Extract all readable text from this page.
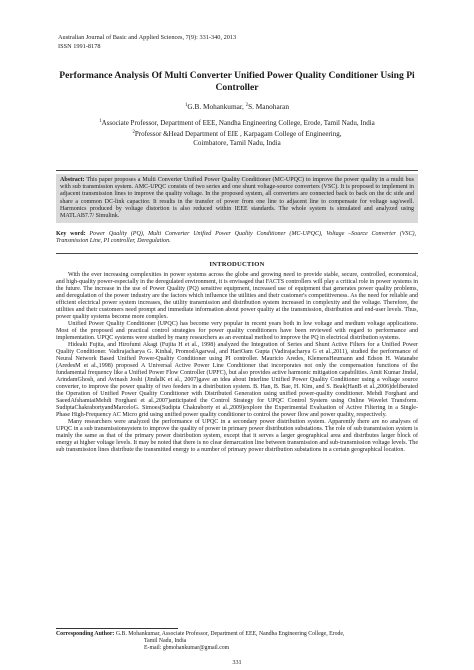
Australian Journal of Basic and Applied Sciences, 7(9): 331-340, 2013
ISSN 1991-8178
Performance Analysis Of Multi Converter Unified Power Quality Conditioner Using Pi Controller
$^1$G.B. Mohankumar, $^2$S. Manoharan
$^1$Associate Professor, Department of EEE, Nandha Engineering College, Erode, Tamil Nadu, India
$^2$Professor &Head Department of EIE , Karpagam College of Engineering,
Coimbatore, Tamil Nadu, India
Abstract: This paper proposes a Multi Converter Unified Power Quality Conditioner (MC-UPQC) to improve the power quality in a multi bus with sub transmission system. AMC-UPQC consists of two series and one shunt voltage-source converters (VSC). It is proposed to implement in adjacent transmission lines to improve the quality voltage. In the proposed system, all converters are connected back to back on the dc side and share a common DC-link capacitor. It results in the transfer of power from one line to adjacent line to compensate for voltage sag/swell. Harmonics produced by voltage distortion is also reduced within IEEE standards. The whole system is simulated and analyzed using MATLAB7.7/ Simulink.
Key word: Power Quality (PQ), Multi Converter Unified Power Quality Conditioner (MC-UPQC), Voltage –Source Converter (VSC), Transmission Line, PI controller, Deregulation.
INTRODUCTION

With the ever increasing complexities in power systems across the globe and growing need to provide stable, secure, controlled, economical, and high-quality power-especially in the deregulated environment, it is envisaged that FACTS controllers will play a critical role in power systems in the future. The increase in the use of Power Quality (PQ) sensitive equipment, increased use of equipment that generates power quality problems, and deregulation of the power industry are the factors which influence the utilities and their customer's competitiveness. As the need for reliable and efficient electrical power system increases, the utility transmission and distribution system increased in complexity and the voltage. Therefore, the utilities and their customers need prompt and immediate information about power quality at the transmission, distribution and end-user levels. Thus, power quality systems become more complex.

Unified Power Quality Conditioner (UPQC) has become very popular in recent years both in low voltage and medium voltage applications. Most of the proposed and practical control strategies for power quality conditioners have been reviewed with regard to performance and implementation. UPQC systems were studied by many researchers as an eventual method to improve the PQ in electrical distribution systems.

Hideaki Fujita, and Hirofumi Akagi (Fujita H et al., 1998) analyzed the Integration of Series and Shunt Active Filters for a Unified Power Quality Conditioner. Vadirajacharya G. Kinhal, PromodAgarwal, and HariOam Gupta (Vadirajacharya G et al.,2011), studied the performance of Neural Network Based Unified Power-Quality Conditioner using PI controller. Mauricio Aredes, KlemensHeumann and Edson H. Watanabe (AredesM et al.,1998) proposed A Universal Active Power Line Conditioner that incorporates not only the compensation functions of the fundamental frequency like a Unified Power Flow Controller (UPFC), but also provides active harmonic mitigation capabilities. Amit Kumar Jindal, ArindamGhosh, and Avinash Joshi (JindalK et al., 2007)gave an idea about Interline Unified Power Quality Conditioner using a voltage source converter, to improve the power quality of two feeders in a distribution system. B. Han, B. Bae, H. Kim, and S. Beak(HanB et al.,2006)deliberated the Operation of Unified Power Quality Conditioner with Distributed Generation using unified power-quality conditioner. Mehdi Forghani and SaeedAfshamiaiMehdi Forghani et al.,2007)anticipated the Control Strategy for UPQC Control System using Online Wavelet Transform. SudiptaChakrabortyandMarceloG. Simoes(Sudipta Chakraborty et al.,2009)explore the Experimental Evaluation of Active Filtering in a Single-Phase High-Frequency AC Micro grid using unified power quality conditioner to control the power flow and power quality, respectively.

Many researchers were analyzed the performance of UPQC in a secondary power distribution system. Apparently there are no analyses of UPQC in a sub transmissionsystem to improve the quality of power in primary power distribution substations. The role of sub transmission system is mainly the same as that of the primary power distribution system, except that it serves a larger geographical area and distributes larger block of energy at higher voltage levels. It may be noted that there is no clear demarcation line between transmission and sub-transmission voltage levels. The sub transmission lines distribute the transmitted energy to a number of primary power distribution substations in a certain geographical location.

Corresponding Author: G.B. Mohankumar, Associate Professor, Department of EEE, Nandha Engineering College, Erode,
Tamil Nadu, India
E-mail: gbmohankumar@gmail.com
331
